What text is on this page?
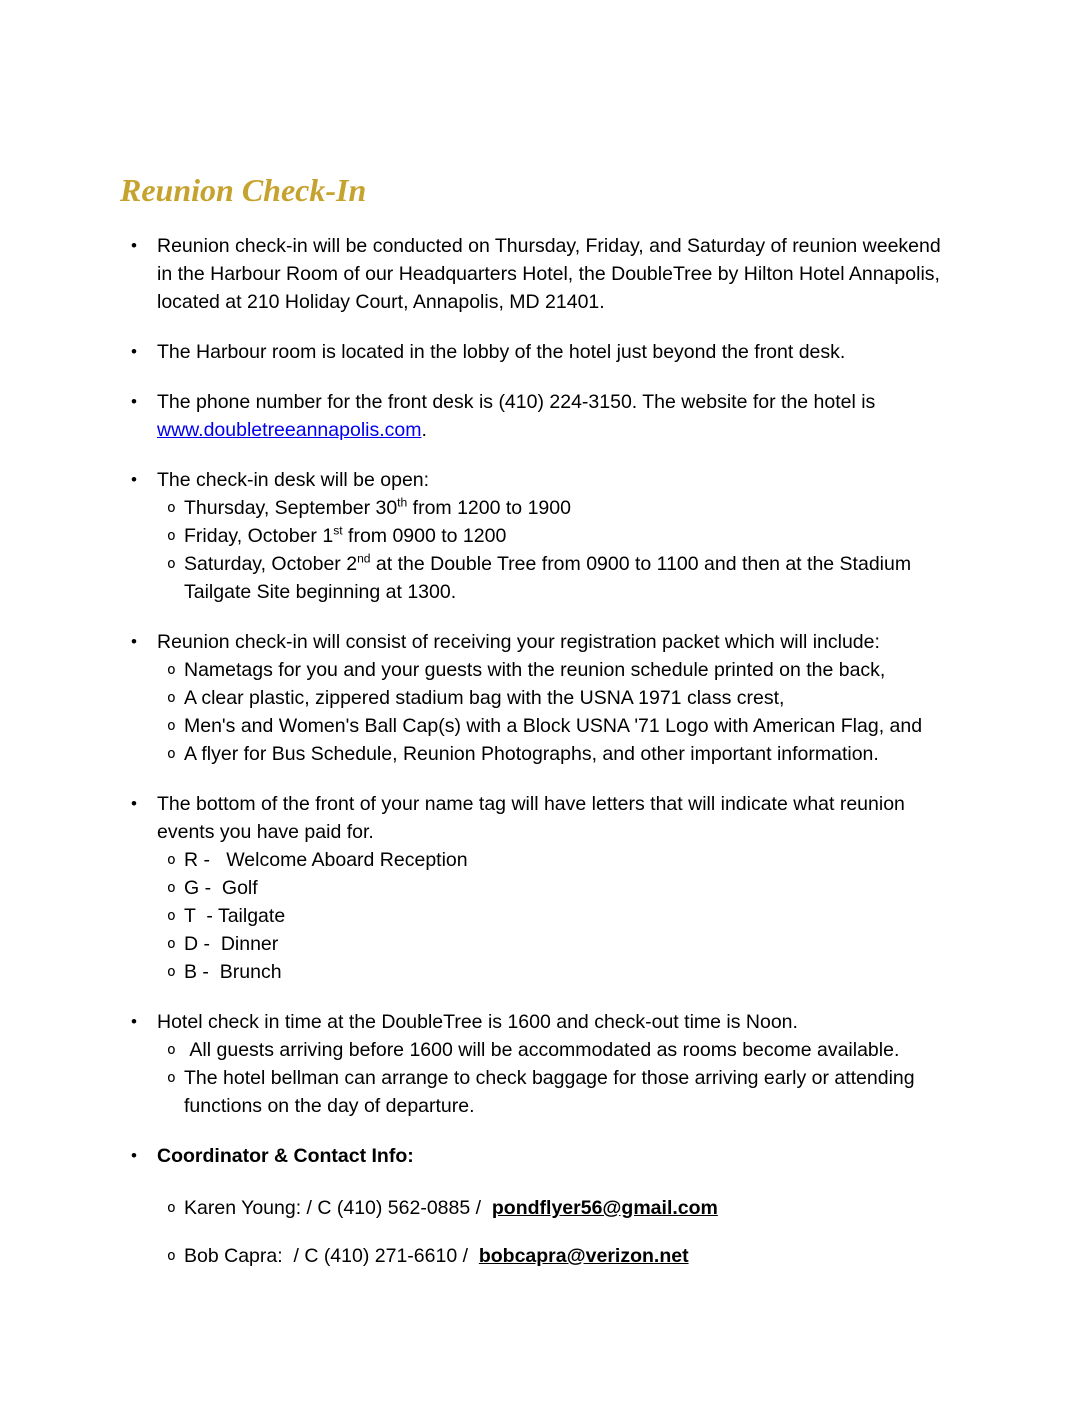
Reunion Check-In
• Reunion check-in will be conducted on Thursday, Friday, and Saturday of reunion weekend in the Harbour Room of our Headquarters Hotel, the DoubleTree by Hilton Hotel Annapolis, located at 210 Holiday Court, Annapolis, MD 21401.
• The Harbour room is located in the lobby of the hotel just beyond the front desk.
• The phone number for the front desk is (410) 224-3150. The website for the hotel is www.doubletreeannapolis.com.
• The check-in desk will be open:
o Thursday, September 30th from 1200 to 1900
o Friday, October 1st from 0900 to 1200
o Saturday, October 2nd at the Double Tree from 0900 to 1100 and then at the Stadium Tailgate Site beginning at 1300.
• Reunion check-in will consist of receiving your registration packet which will include:
o Nametags for you and your guests with the reunion schedule printed on the back,
o A clear plastic, zippered stadium bag with the USNA 1971 class crest,
o Men's and Women's Ball Cap(s) with a Block USNA '71 Logo with American Flag, and
o A flyer for Bus Schedule, Reunion Photographs, and other important information.
• The bottom of the front of your name tag will have letters that will indicate what reunion events you have paid for.
o R -   Welcome Aboard Reception
o G -  Golf
o T  - Tailgate
o D -  Dinner
o B -  Brunch
• Hotel check in time at the DoubleTree is 1600 and check-out time is Noon.
o All guests arriving before 1600 will be accommodated as rooms become available.
o The hotel bellman can arrange to check baggage for those arriving early or attending functions on the day of departure.
• Coordinator & Contact Info:
o Karen Young: / C (410) 562-0885 /  pondflyer56@gmail.com
o Bob Capra:  / C (410) 271-6610 /  bobcapra@verizon.net
